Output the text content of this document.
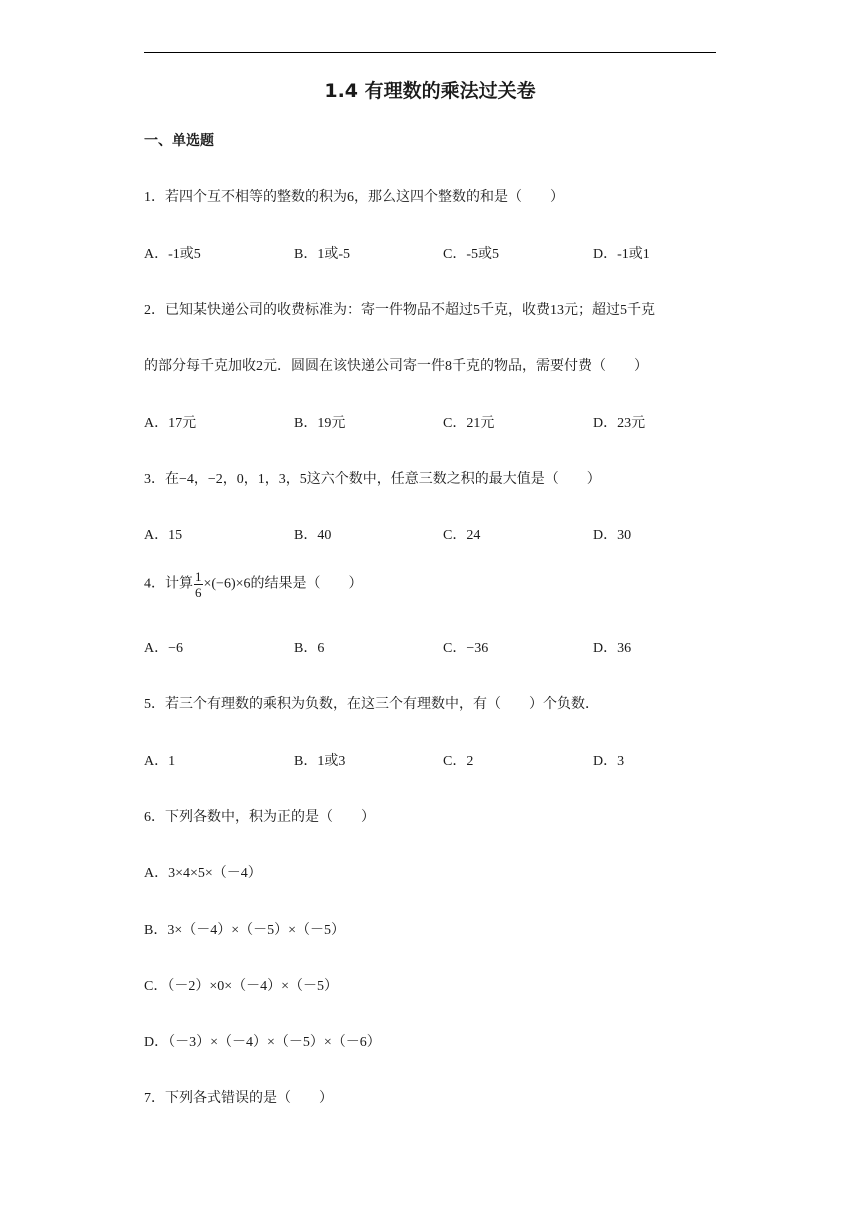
1.4 有理数的乘法过关卷
一、单选题
1．若四个互不相等的整数的积为6，那么这四个整数的和是（　　）
A．-1或5	B．1或-5	C．-5或5	D．-1或1
2．已知某快递公司的收费标准为：寄一件物品不超过5千克，收费13元；超过5千克
的部分每千克加收2元．圆圆在该快递公司寄一件8千克的物品，需要付费（　　）
A．17元	B．19元	C．21元	D．23元
3．在−4，−2，0，1，3，5这六个数中，任意三数之积的最大值是（　　）
A．15	B．40	C．24	D．30
4．计算 $\frac{1}{6} \times(-6)\times 6$的结果是（　　）
A．−6	B．6	C．−36	D．36
5．若三个有理数的乘积为负数，在这三个有理数中，有（　　）个负数．
A．1	B．1或3	C．2	D．3
6．下列各数中，积为正的是（　　）
A．3×4×5×（－4）
B．3×（－4）×（－5）×（－5）
C．（－2）×0×（－4）×（－5）
D．（－3）×（－4）×（－5）×（－6）
7．下列各式错误的是（　　）
